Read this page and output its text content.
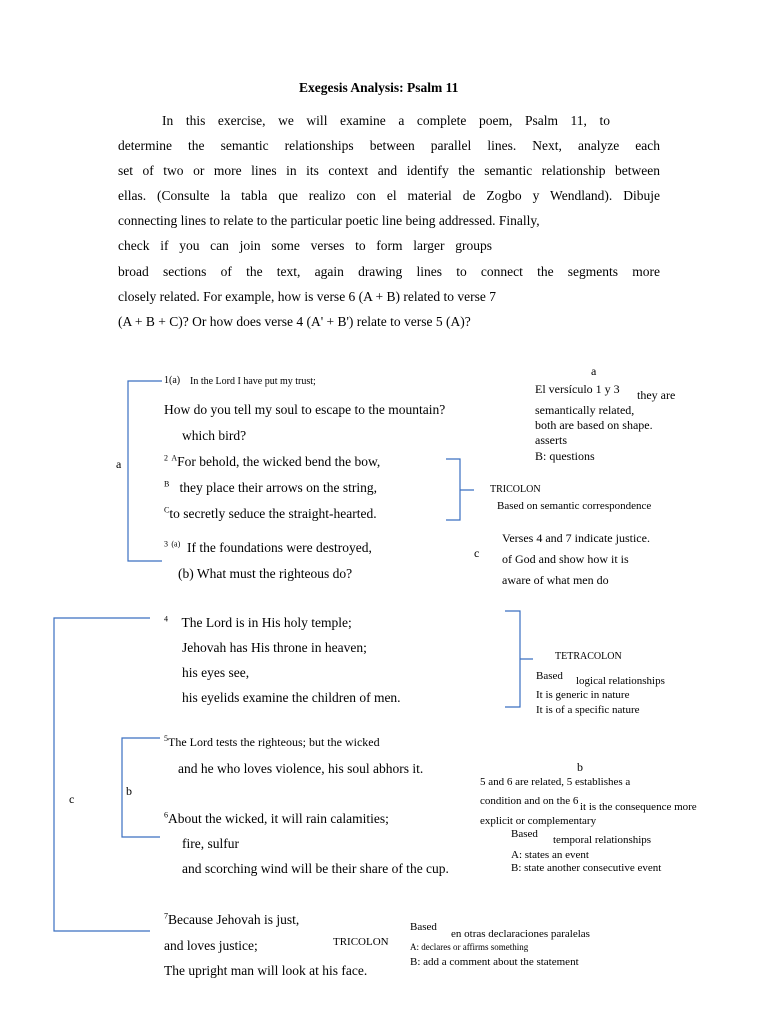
Exegesis Analysis: Psalm 11
In this exercise, we will examine a complete poem, Psalm 11, to
determine the semantic relationships between parallel lines. Next, analyze each
set of two or more lines in its context and identify the semantic relationship between
ellas. (Consulte la tabla que realizo con el material de Zogbo y Wendland). Dibuje
connecting lines to relate to the particular poetic line being addressed. Finally,
check if you can join some verses to form larger groups
broad sections of the text, again drawing lines to connect the segments more
closely related. For example, how is verse 6 (A + B) related to verse 7
(A + B + C)? Or how does verse 4 (A' + B') relate to verse 5 (A)?
1(a) In the Lord I have put my trust;
How do you tell my soul to escape to the mountain?
which bird?
$^2$ $^A$For behold, the wicked bend the bow,
$^B$ they place their arrows on the string,
$^C$to secretly seduce the straight-hearted.
$^3$ $^{(a)}$ If the foundations were destroyed,
(b) What must the righteous do?
$^4$ The Lord is in His holy temple;
Jehovah has His throne in heaven;
his eyes see,
his eyelids examine the children of men.
$^5$The Lord tests the righteous; but the wicked
and he who loves violence, his soul abhors it.
$^6$About the wicked, it will rain calamities;
fire, sulfur
and scorching wind will be their share of the cup.
$^7$Because Jehovah is just,
and loves justice;
The upright man will look at his face.
a
c
b
c
a
El versículo 1 y 3 they are
semantically related,
both are based on shape.
asserts
B: questions
TRICOLON
Based on semantic correspondence
Verses 4 and 7 indicate justice.
of God and show how it is
aware of what men do
TETRACOLON
Based logical relationships
It is generic in nature
It is of a specific nature
b
5 and 6 are related, 5 establishes a
condition and on the 6 it is the consequence more
explicit or complementary
Based temporal relationships
A: states an event
B: state another consecutive event
TRICOLON
Based
en otras declaraciones paralelas
A: declares or affirms something
B: add a comment about the statement
